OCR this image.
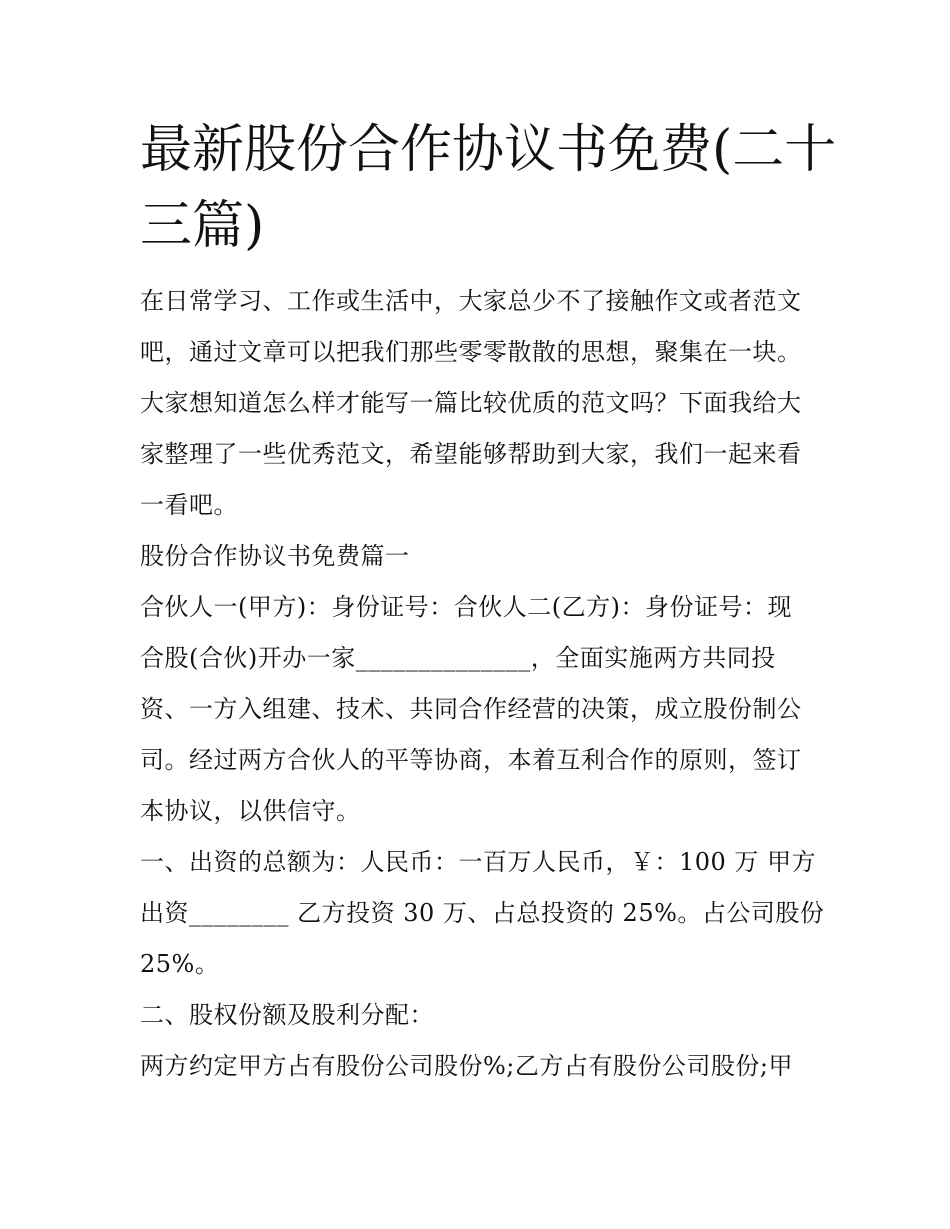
最新股份合作协议书免费(二十
三篇)
在日常学习、工作或生活中，大家总少不了接触作文或者范文
吧，通过文章可以把我们那些零零散散的思想，聚集在一块。
大家想知道怎么样才能写一篇比较优质的范文吗？下面我给大
家整理了一些优秀范文，希望能够帮助到大家，我们一起来看
一看吧。
股份合作协议书免费篇一
合伙人一(甲方)：身份证号：合伙人二(乙方)：身份证号：现
合股(合伙)开办一家______________，全面实施两方共同投
资、一方入组建、技术、共同合作经营的决策，成立股份制公
司。经过两方合伙人的平等协商，本着互利合作的原则，签订
本协议，以供信守。
一、出资的总额为：人民币：一百万人民币，￥：100 万 甲方
出资________ 乙方投资 30 万、占总投资的 25%。占公司股份
25%。
二、股权份额及股利分配：
两方约定甲方占有股份公司股份%;乙方占有股份公司股份;甲
